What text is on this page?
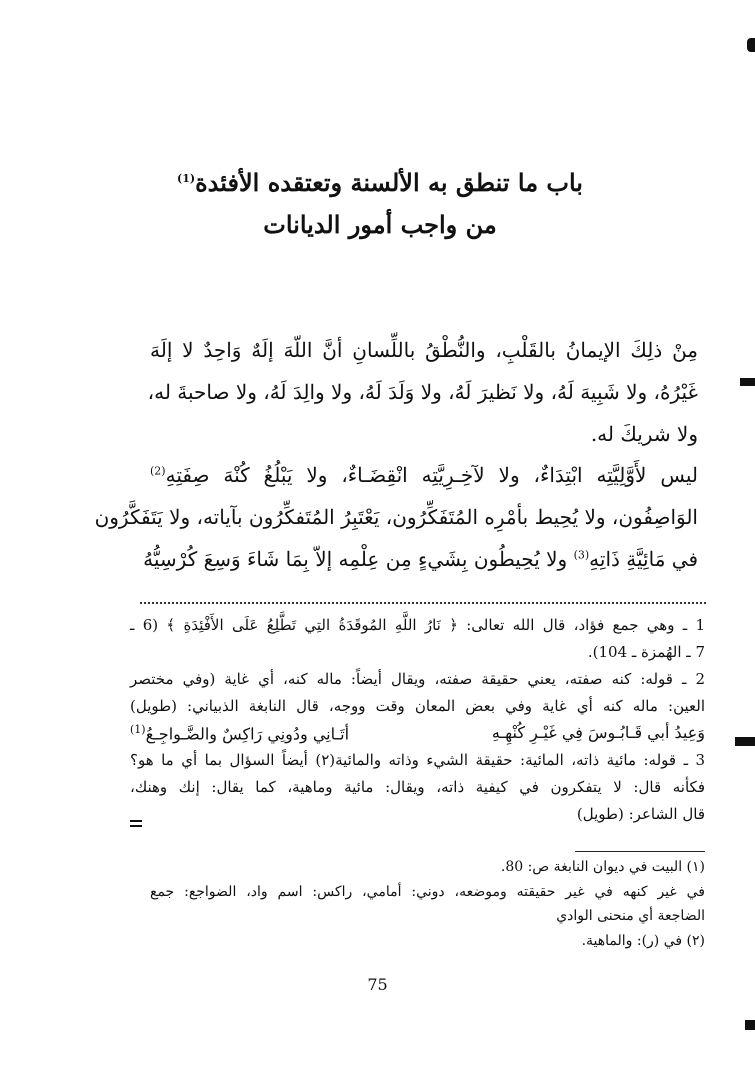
باب ما تنطق به الألسنة وتعتقده الأفئدة$^{(1)}$
من واجب أمور الديانات
مِنْ ذلِكَ الإيمانُ بالقَلْبِ، والنُّطْقُ باللِّسانِ أنَّ اللّهَ إلَهٌ وَاحِدٌ لا إلَهَ
غَيْرُهُ، ولا شَبِيهَ لَهُ، ولا نَظيرَ لَهُ، ولا وَلَدَ لَهُ، ولا والِدَ لَهُ، ولا صاحبةَ له،
ولا شريكَ له.
ليس لأَوَّلِيَّتِه ابْتِدَاءٌ، ولا لآخِـرِيَّتِه انْقِضَـاءٌ، ولا يَبْلُغُ كُنْهَ صِفَتِهِ$^{(2)}$
الوَاصِفُون، ولا يُحِيط بأمْرِه المُتَفَكِّرُون، يَعْتَبِرُ المُتَفكِّرُون بآياته، ولا يَتَفَكَّرُون
في مَائِيَّةِ ذَاتِهِ$^{(3)}$ ولا يُحِيطُون بِشَيءٍ مِن عِلْمِه إلاّ بِمَا شَاءَ وَسِعَ كُرْسِيُّهُ
1 ـ وهي جمع فؤاد، قال الله تعالى: ﴿ نَارُ اللَّهِ المُوقَدَةُ التِي تَطَّلِعُ عَلَى الأَفْئِدَةِ ﴾ (6 ـ
7 ـ الهُمزة ـ 104).
2 ـ قوله: كنه صفته، يعني حقيقة صفته، ويقال أيضاً: ماله كنه، أي غاية (وفي مختصر
العين: ماله كنه أي غاية وفي بعض المعان وقت ووجه، قال النابغة الذبياني: (طويل)
وَعِيدُ أبي قَـابُـوسَ فِي غَيْـرِ كُنْهِـهِ
أتَـانِي ودُونِي رَاكِسٌ والضَّـواجِـعُ$^{(1)}$
3 ـ قوله: مائية ذاته، المائية: حقيقة الشيء وذاته والمائية(٢) أيضاً السؤال بما أي ما هو؟
فكأنه قال: لا يتفكرون في كيفية ذاته، ويقال: مائية وماهية، كما يقال: إنك وهنك،
قال الشاعر: (طويل)
(١) البيت في ديوان النابغة ص: 80.
في غير كنهه في غير حقيقته وموضعه، دوني: أمامي، راكس: اسم واد، الضواجع: جمع
الضاجعة أي منحنى الوادي
(٢) في (ر): والماهية.
75
